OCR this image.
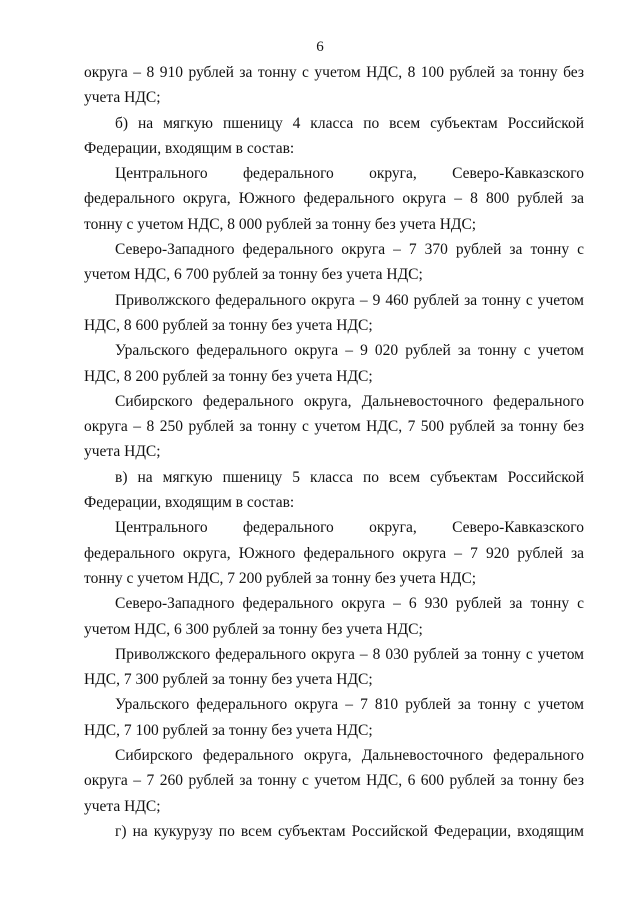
6

округа – 8 910 рублей за тонну с учетом НДС, 8 100 рублей за тонну без учета НДС;

б) на мягкую пшеницу 4 класса по всем субъектам Российской Федерации, входящим в состав:

Центрального федерального округа, Северо-Кавказского федерального округа, Южного федерального округа – 8 800 рублей за тонну с учетом НДС, 8 000 рублей за тонну без учета НДС;

Северо-Западного федерального округа – 7 370 рублей за тонну с учетом НДС, 6 700 рублей за тонну без учета НДС;

Приволжского федерального округа – 9 460 рублей за тонну с учетом НДС, 8 600 рублей за тонну без учета НДС;

Уральского федерального округа – 9 020 рублей за тонну с учетом НДС, 8 200 рублей за тонну без учета НДС;

Сибирского федерального округа, Дальневосточного федерального округа – 8 250 рублей за тонну с учетом НДС, 7 500 рублей за тонну без учета НДС;

в) на мягкую пшеницу 5 класса по всем субъектам Российской Федерации, входящим в состав:

Центрального федерального округа, Северо-Кавказского федерального округа, Южного федерального округа – 7 920 рублей за тонну с учетом НДС, 7 200 рублей за тонну без учета НДС;

Северо-Западного федерального округа – 6 930 рублей за тонну с учетом НДС, 6 300 рублей за тонну без учета НДС;

Приволжского федерального округа – 8 030 рублей за тонну с учетом НДС, 7 300 рублей за тонну без учета НДС;

Уральского федерального округа – 7 810 рублей за тонну с учетом НДС, 7 100 рублей за тонну без учета НДС;

Сибирского федерального округа, Дальневосточного федерального округа – 7 260 рублей за тонну с учетом НДС, 6 600 рублей за тонну без учета НДС;

г) на кукурузу по всем субъектам Российской Федерации, входящим
